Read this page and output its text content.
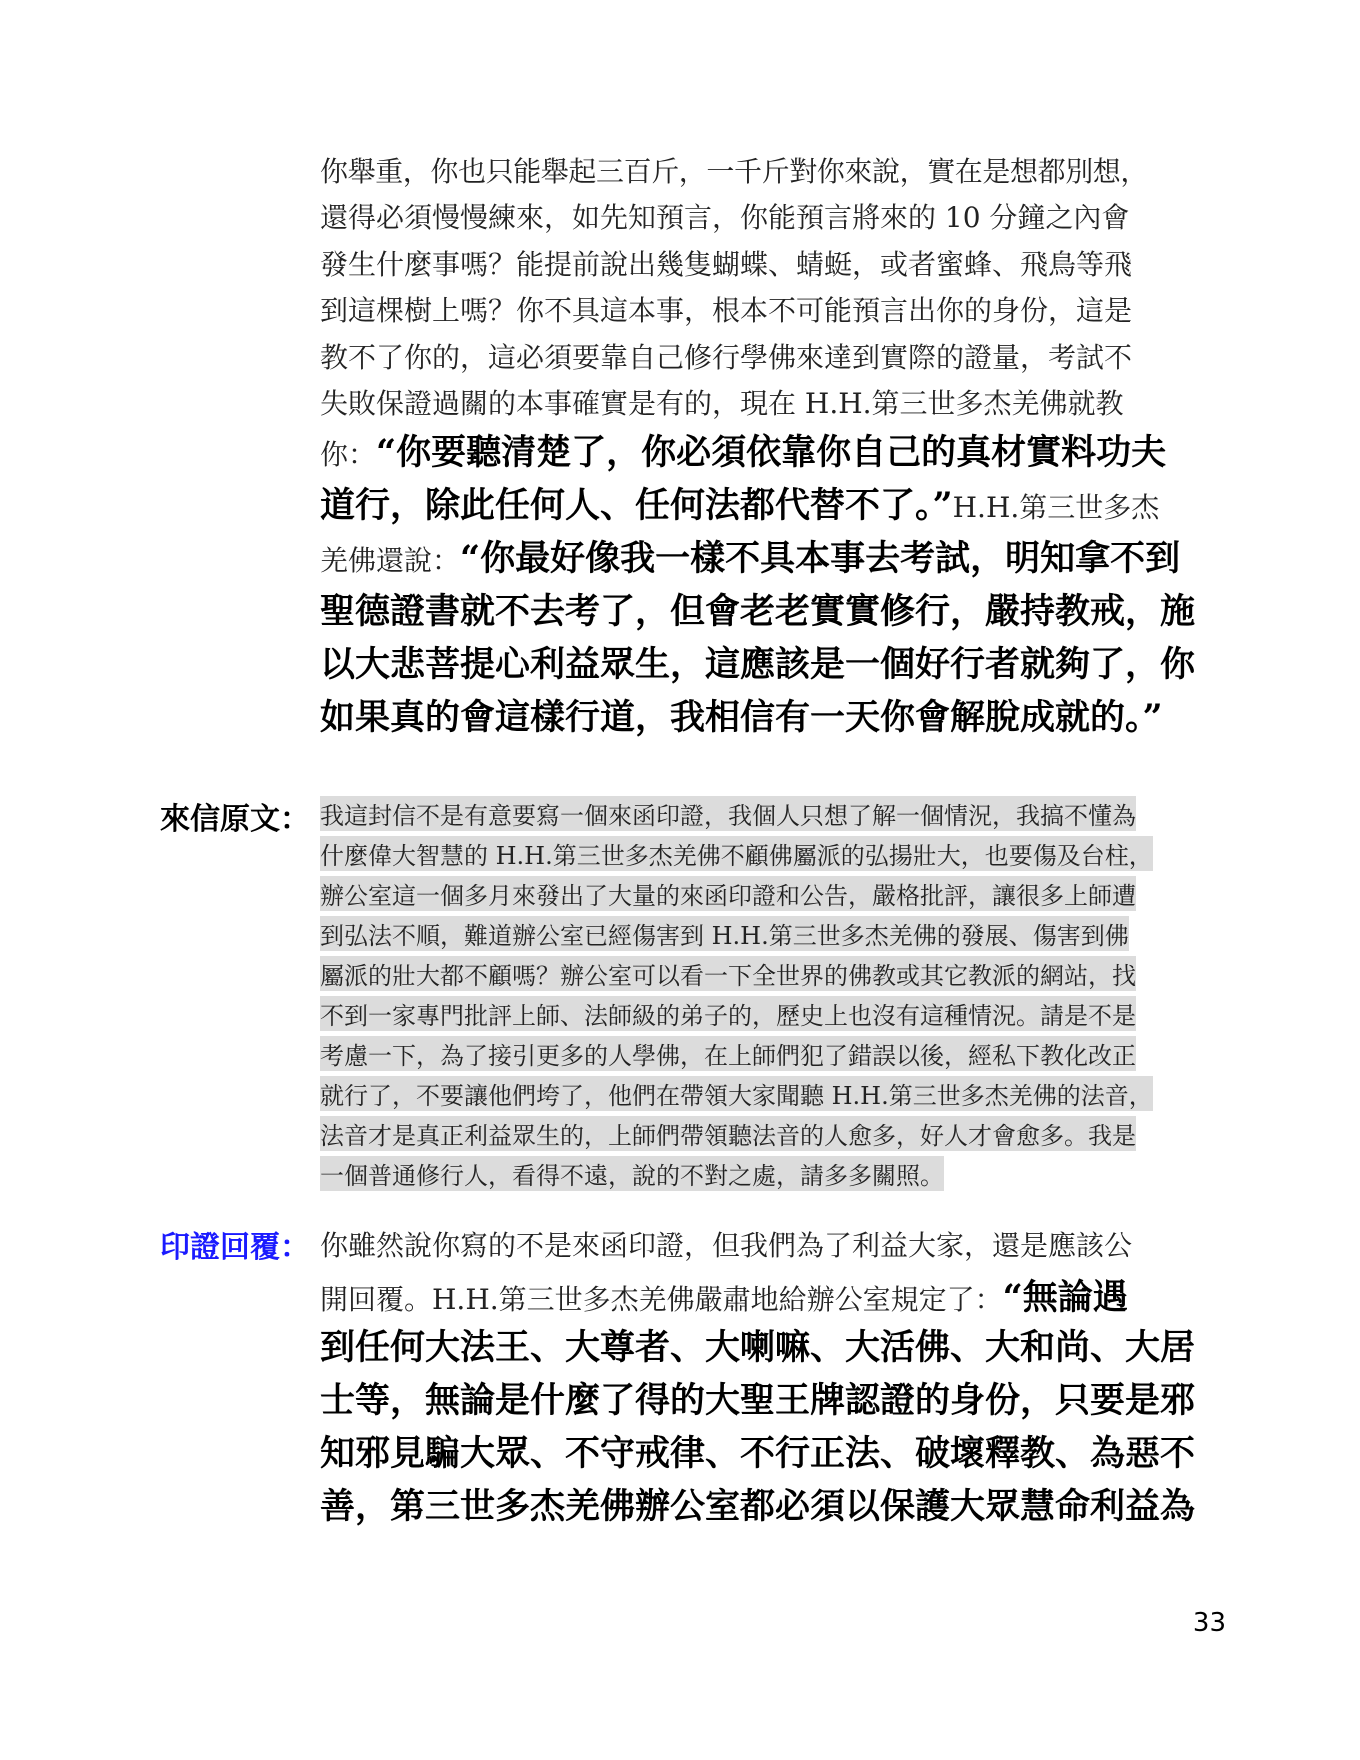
你舉重，你也只能舉起三百斤，一千斤對你來說，實在是想都別想，
還得必須慢慢練來，如先知預言，你能預言將來的 10 分鐘之內會
發生什麼事嗎？能提前說出幾隻蝴蝶、蜻蜓，或者蜜蜂、飛鳥等飛
到這棵樹上嗎？你不具這本事，根本不可能預言出你的身份，這是
教不了你的，這必須要靠自己修行學佛來達到實際的證量，考試不
失敗保證過關的本事確實是有的，現在 H.H.第三世多杰羌佛就教
你：“你要聽清楚了，你必須依靠你自己的真材實料功夫
道行，除此任何人、任何法都代替不了。”H.H.第三世多杰
羌佛還說：“你最好像我一樣不具本事去考試，明知拿不到
聖德證書就不去考了，但會老老實實修行，嚴持教戒，施
以大悲菩提心利益眾生，這應該是一個好行者就夠了，你
如果真的會這樣行道，我相信有一天你會解脫成就的。”
來信原文： 我這封信不是有意要寫一個來函印證，我個人只想了解一個情況，我搞不懂為
什麼偉大智慧的 H.H.第三世多杰羌佛不顧佛屬派的弘揚壯大，也要傷及台柱，
辦公室這一個多月來發出了大量的來函印證和公告，嚴格批評，讓很多上師遭
到弘法不順，難道辦公室已經傷害到 H.H.第三世多杰羌佛的發展、傷害到佛
屬派的壯大都不顧嗎？辦公室可以看一下全世界的佛教或其它教派的網站，找
不到一家專門批評上師、法師級的弟子的，歷史上也沒有這種情況。請是不是
考慮一下，為了接引更多的人學佛，在上師們犯了錯誤以後，經私下教化改正
就行了，不要讓他們垮了，他們在帶領大家聞聽 H.H.第三世多杰羌佛的法音，
法音才是真正利益眾生的，上師們帶領聽法音的人愈多，好人才會愈多。我是
一個普通修行人，看得不遠，說的不對之處，請多多關照。
印證回覆： 你雖然說你寫的不是來函印證，但我們為了利益大家，還是應該公
開回覆。H.H.第三世多杰羌佛嚴肅地給辦公室規定了：“無論遇
到任何大法王、大尊者、大喇嘛、大活佛、大和尚、大居
士等，無論是什麼了得的大聖王牌認證的身份，只要是邪
知邪見騙大眾、不守戒律、不行正法、破壞釋教、為惡不
善，第三世多杰羌佛辦公室都必須以保護大眾慧命利益為
33
